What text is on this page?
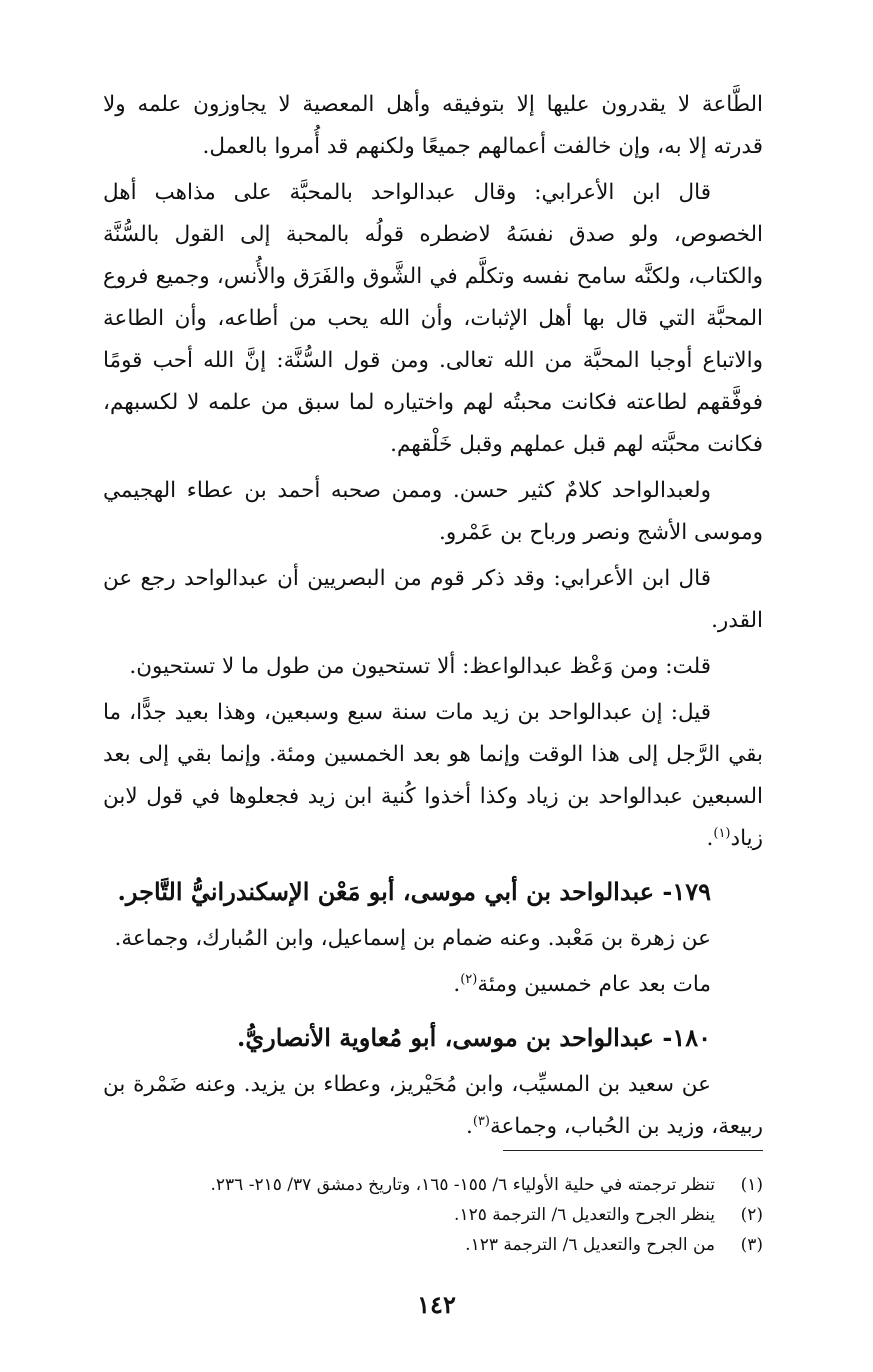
الطَّاعة لا يقدرون عليها إلا بتوفيقه وأهل المعصية لا يجاوزون علمه ولا قدرته إلا به، وإن خالفت أعمالهم جميعًا ولكنهم قد أُمروا بالعمل.

قال ابن الأعرابي: وقال عبدالواحد بالمحبَّة على مذاهب أهل الخصوص، ولو صدق نفسَهُ لاضطره قولُه بالمحبة إلى القول بالسُّنَّة والكتاب، ولكنَّه سامح نفسه وتكلَّم في الشَّوق والفَرَق والأُنس، وجميع فروع المحبَّة التي قال بها أهل الإثبات، وأن الله يحب من أطاعه، وأن الطاعة والاتباع أوجبا المحبَّة من الله تعالى. ومن قول السُّنَّة: إنَّ الله أحب قومًا فوفَّقهم لطاعته فكانت محبتُه لهم واختياره لما سبق من علمه لا لكسبهم، فكانت محبَّته لهم قبل عملهم وقبل خَلْقهم.

ولعبدالواحد كلامٌ كثير حسن. وممن صحبه أحمد بن عطاء الهجيمي وموسى الأشج ونصر ورباح بن عَمْرو.

قال ابن الأعرابي: وقد ذكر قوم من البصريين أن عبدالواحد رجع عن القدر.

قلت: ومن وَعْظ عبدالواعظ: ألا تستحيون من طول ما لا تستحيون.

قيل: إن عبدالواحد بن زيد مات سنة سبع وسبعين، وهذا بعيد جدًّا، ما بقي الرَّجل إلى هذا الوقت وإنما هو بعد الخمسين ومئة. وإنما بقي إلى بعد السبعين عبدالواحد بن زياد وكذا أخذوا كُنية ابن زيد فجعلوها في قول لابن زياد$^{(١)}$.

١٧٩- عبدالواحد بن أبي موسى، أبو مَعْن الإسكندرانيُّ التَّاجر.

عن زهرة بن مَعْبد. وعنه ضمام بن إسماعيل، وابن المُبارك، وجماعة.

مات بعد عام خمسين ومئة$^{(٢)}$.

١٨٠- عبدالواحد بن موسى، أبو مُعاوية الأنصاريُّ.

عن سعيد بن المسيِّب، وابن مُحَيْريز، وعطاء بن يزيد. وعنه ضَمْرة بن ربيعة، وزيد بن الحُباب، وجماعة$^{(٣)}$.

(١)
تنظر ترجمته في حلية الأولياء ٦/ ١٥٥- ١٦٥، وتاريخ دمشق ٣٧/ ٢١٥- ٢٣٦.

(٢)
ينظر الجرح والتعديل ٦/ الترجمة ١٢٥.

(٣)
من الجرح والتعديل ٦/ الترجمة ١٢٣.

١٤٢
